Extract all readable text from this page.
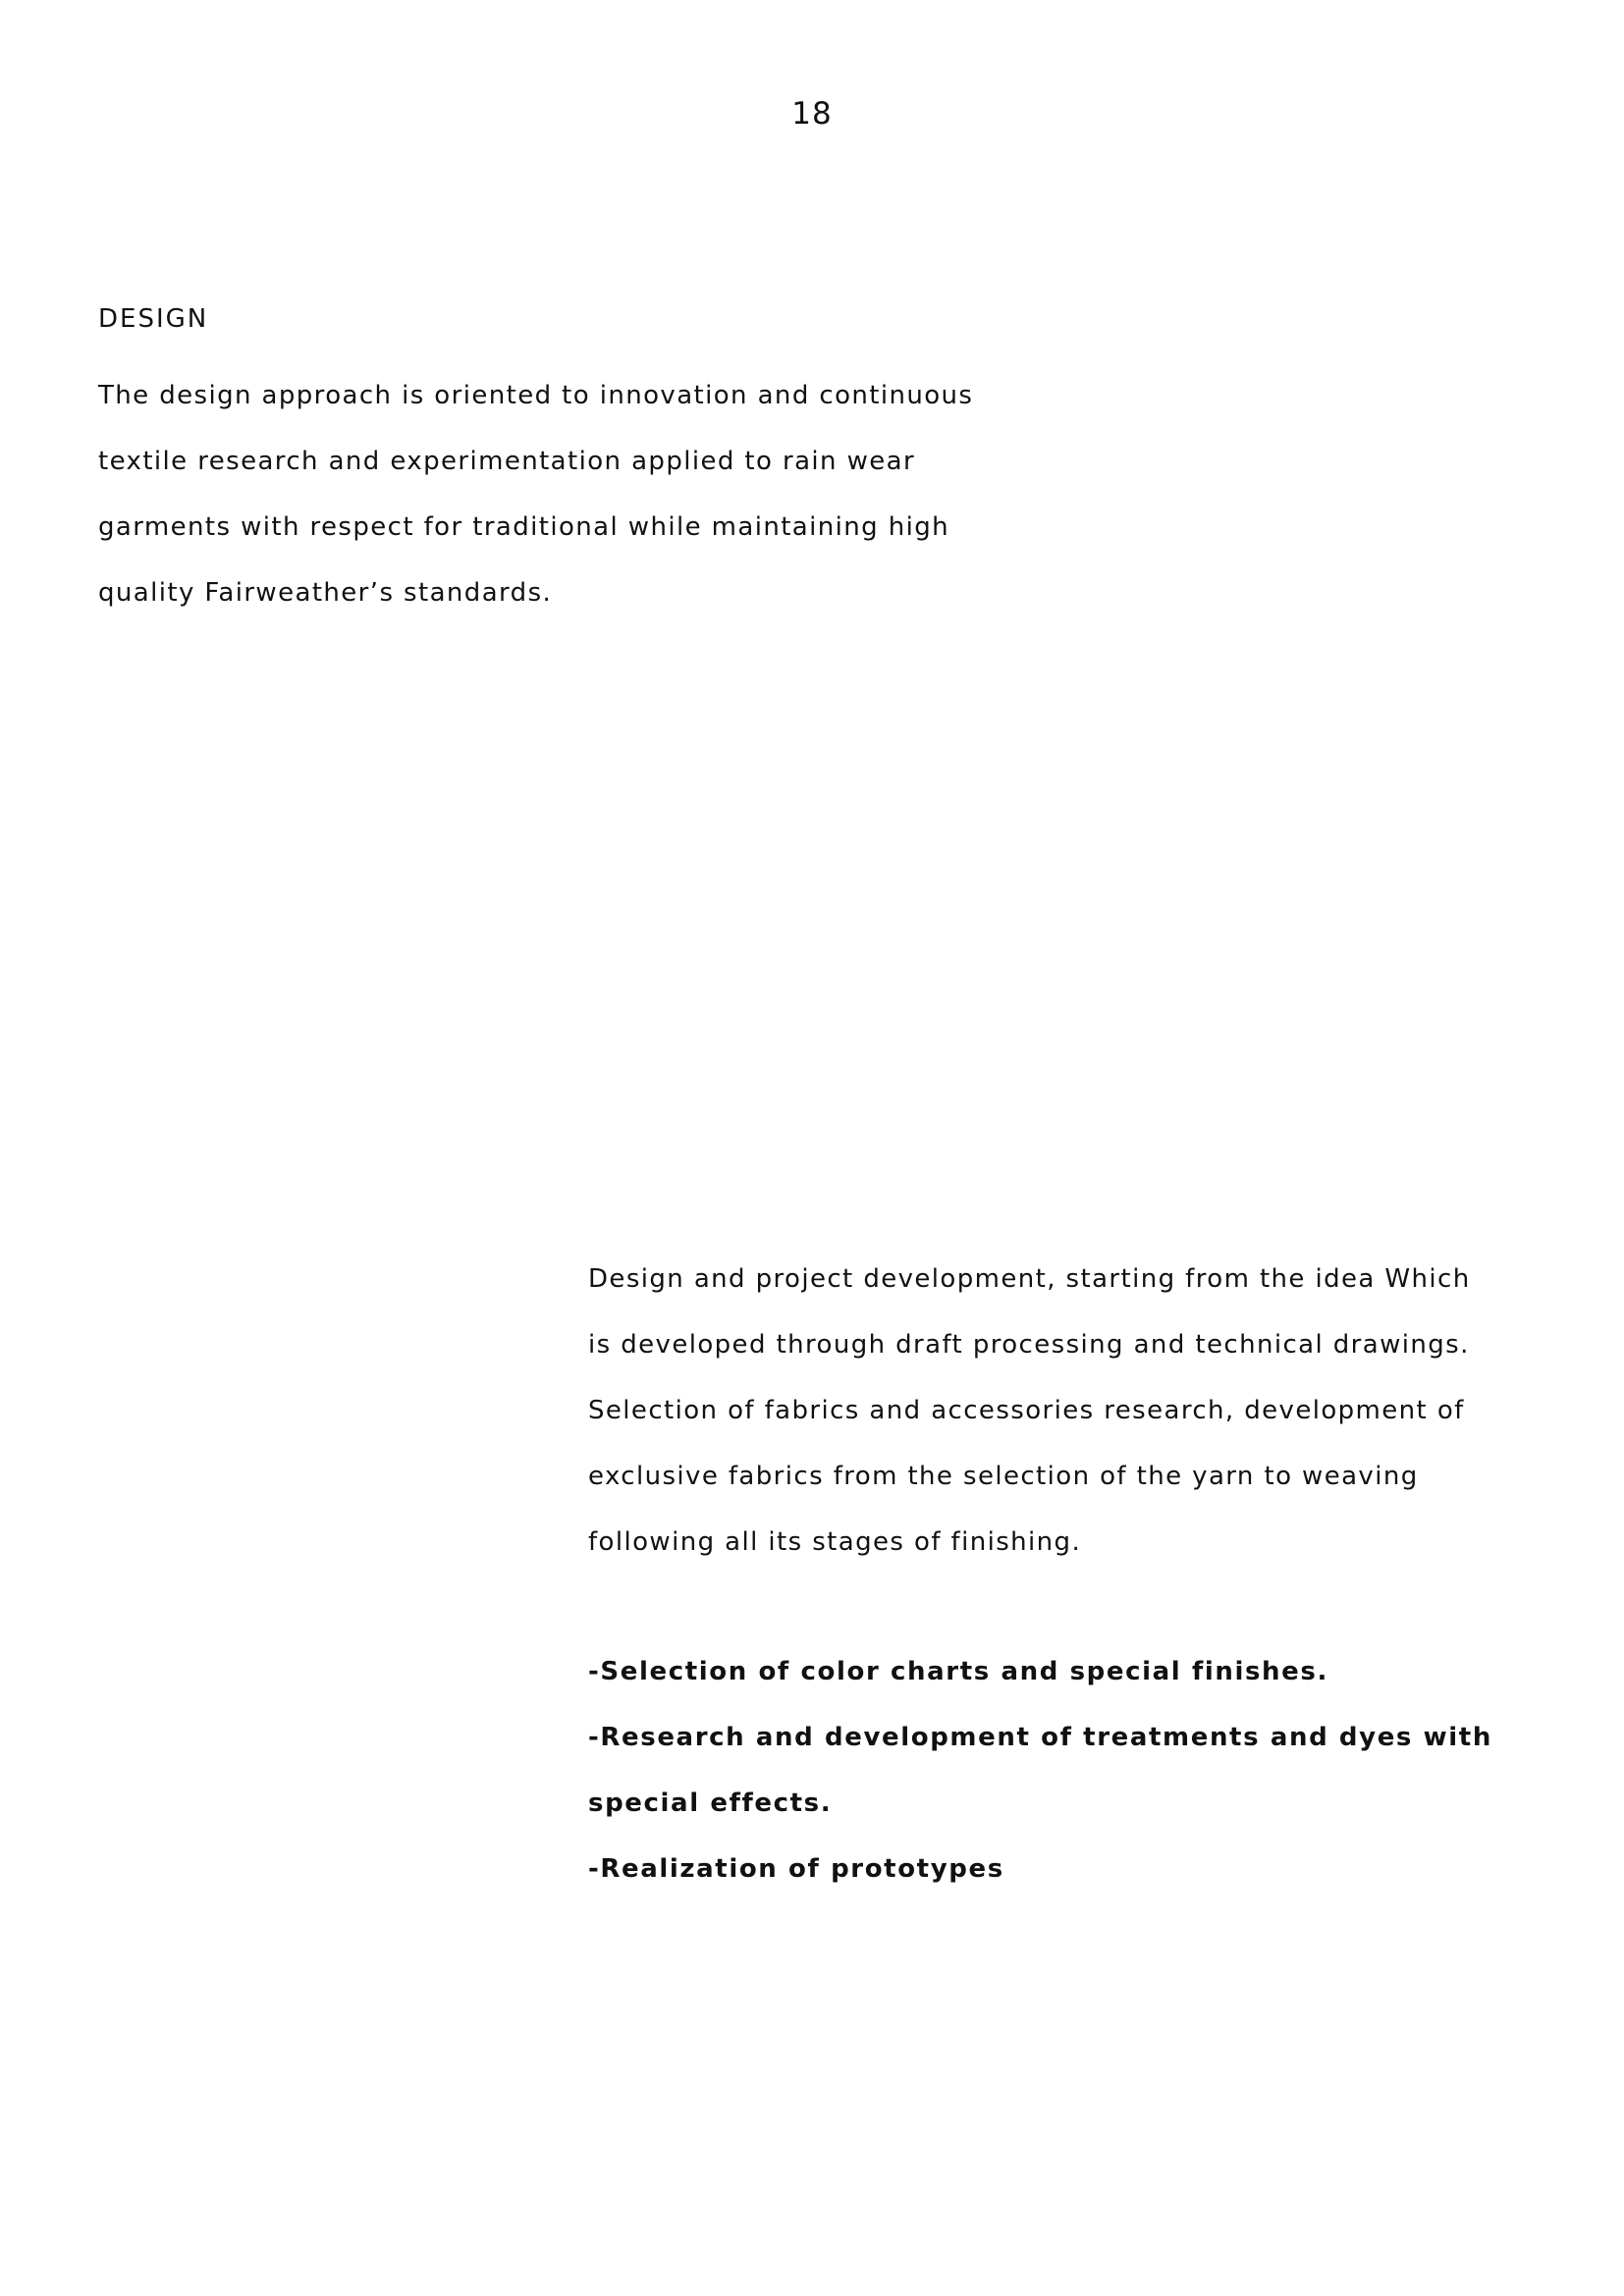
18
DESIGN
The design approach is oriented to innovation and continuous
textile research and experimentation applied to rain wear
garments with respect for traditional while maintaining high
quality Fairweather’s standards.
Design and project development, starting from the idea Which
is developed through draft processing and technical drawings.
Selection of fabrics and accessories research, development of
exclusive fabrics from the selection of the yarn to weaving
following all its stages of finishing.
-Selection of color charts and special finishes.
-Research and development of treatments and dyes with
special effects.
-Realization of prototypes
